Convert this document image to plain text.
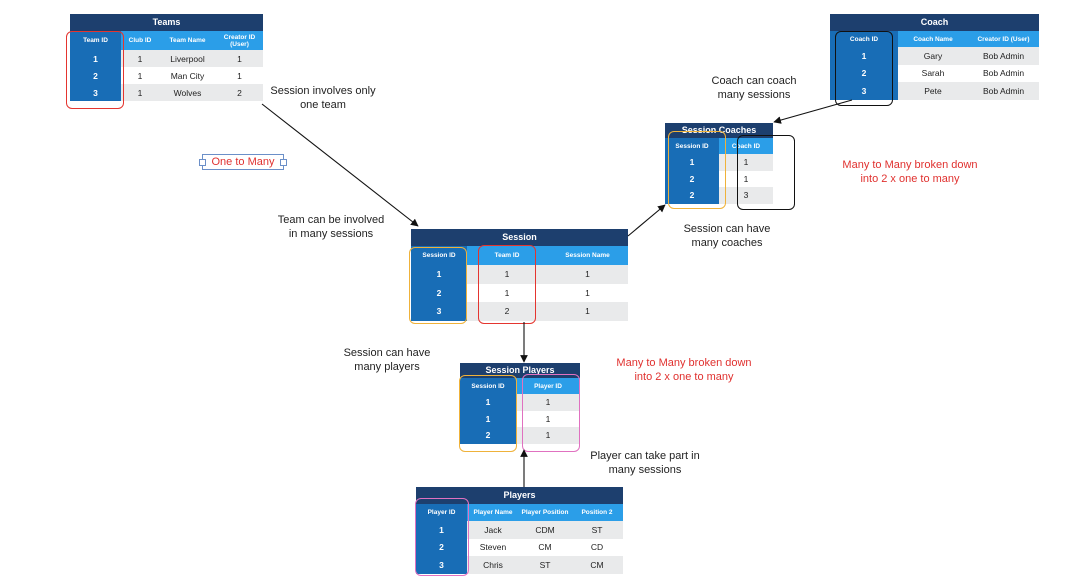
Teams
Team ID	Club ID	Team Name	Creator ID (User)
1	1	Liverpool	1
2	1	Man City	1
3	1	Wolves	2
Coach
Coach ID	Coach Name	Creator ID (User)
1	Gary	Bob Admin
2	Sarah	Bob Admin
3	Pete	Bob Admin
Session Coaches
Session ID	Coach ID
1	1
2	1
2	3
Session
Session ID	Team ID	Session Name
1	1	1
2	1	1
3	2	1
Session Players
Session ID	Player ID
1	1
1	1
2	1
Players
Player ID	Player Name	Player Position	Position 2
1	Jack	CDM	ST
2	Steven	CM	CD
3	Chris	ST	CM
Session involves only one team
One to Many
Team can be involved in many sessions
Coach can coach many sessions
Many to Many broken down into 2 x one to many
Session can have many coaches
Session can have many players	Many to Many broken down into 2 x one to many
Player can take part in many sessions
